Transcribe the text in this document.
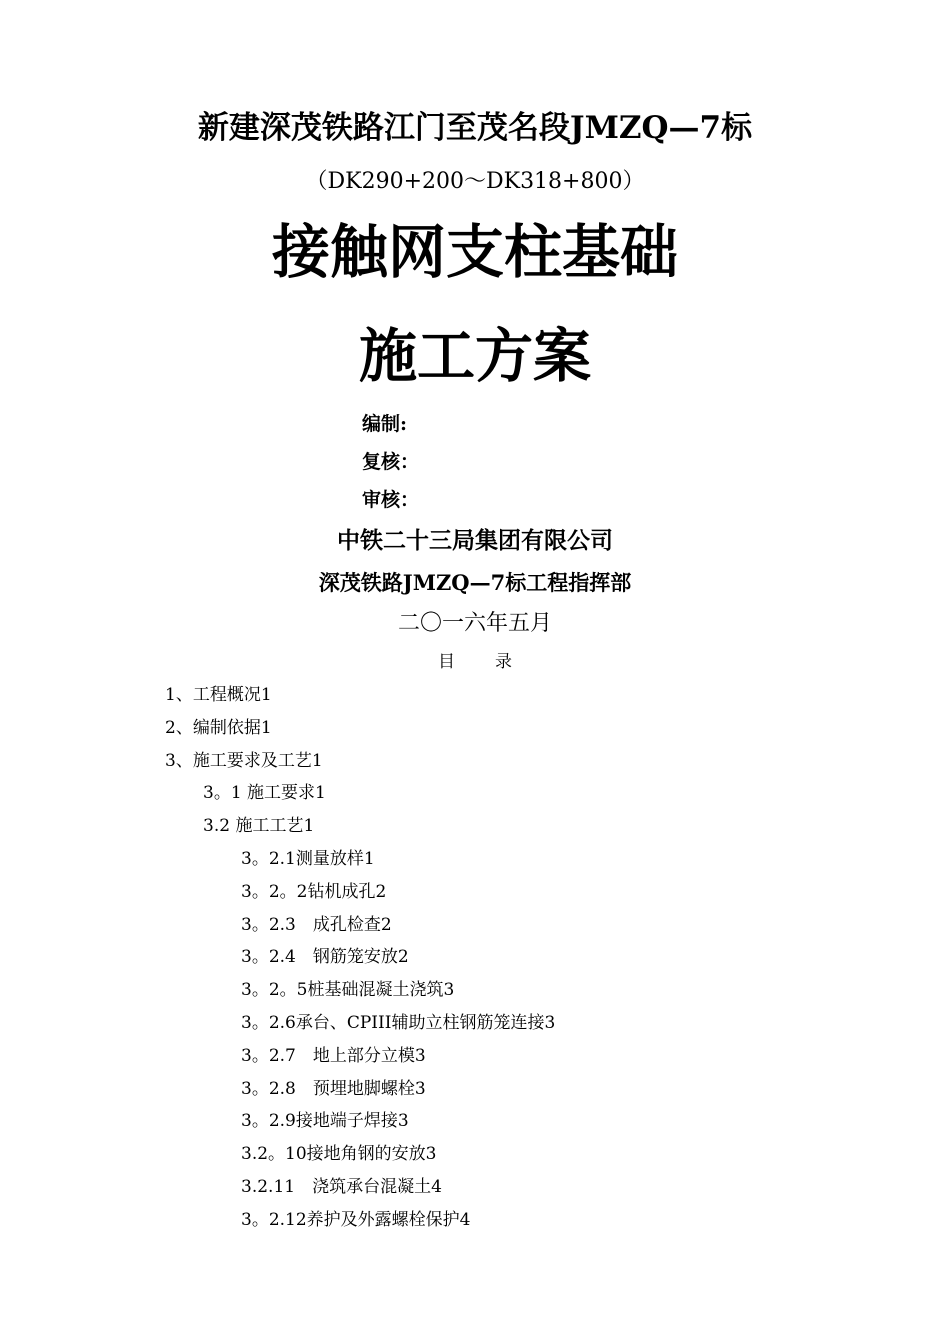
新建深茂铁路江门至茂名段JMZQ—7标
（DK290+200～DK318+800）
接触网支柱基础
施工方案
编制:
复核：
审核：
中铁二十三局集团有限公司
深茂铁路JMZQ—7标工程指挥部
二〇一六年五月
目录
1、工程概况1
2、编制依据1
3、施工要求及工艺1
3。1 施工要求1
3.2 施工工艺1
3。2.1测量放样1
3。2。2钻机成孔2
3。2.3　成孔检查2
3。2.4　钢筋笼安放2
3。2。5桩基础混凝土浇筑3
3。2.6承台、CPIII辅助立柱钢筋笼连接3
3。2.7　地上部分立模3
3。2.8　预埋地脚螺栓3
3。2.9接地端子焊接3
3.2。10接地角钢的安放3
3.2.11　浇筑承台混凝土4
3。2.12养护及外露螺栓保护4
